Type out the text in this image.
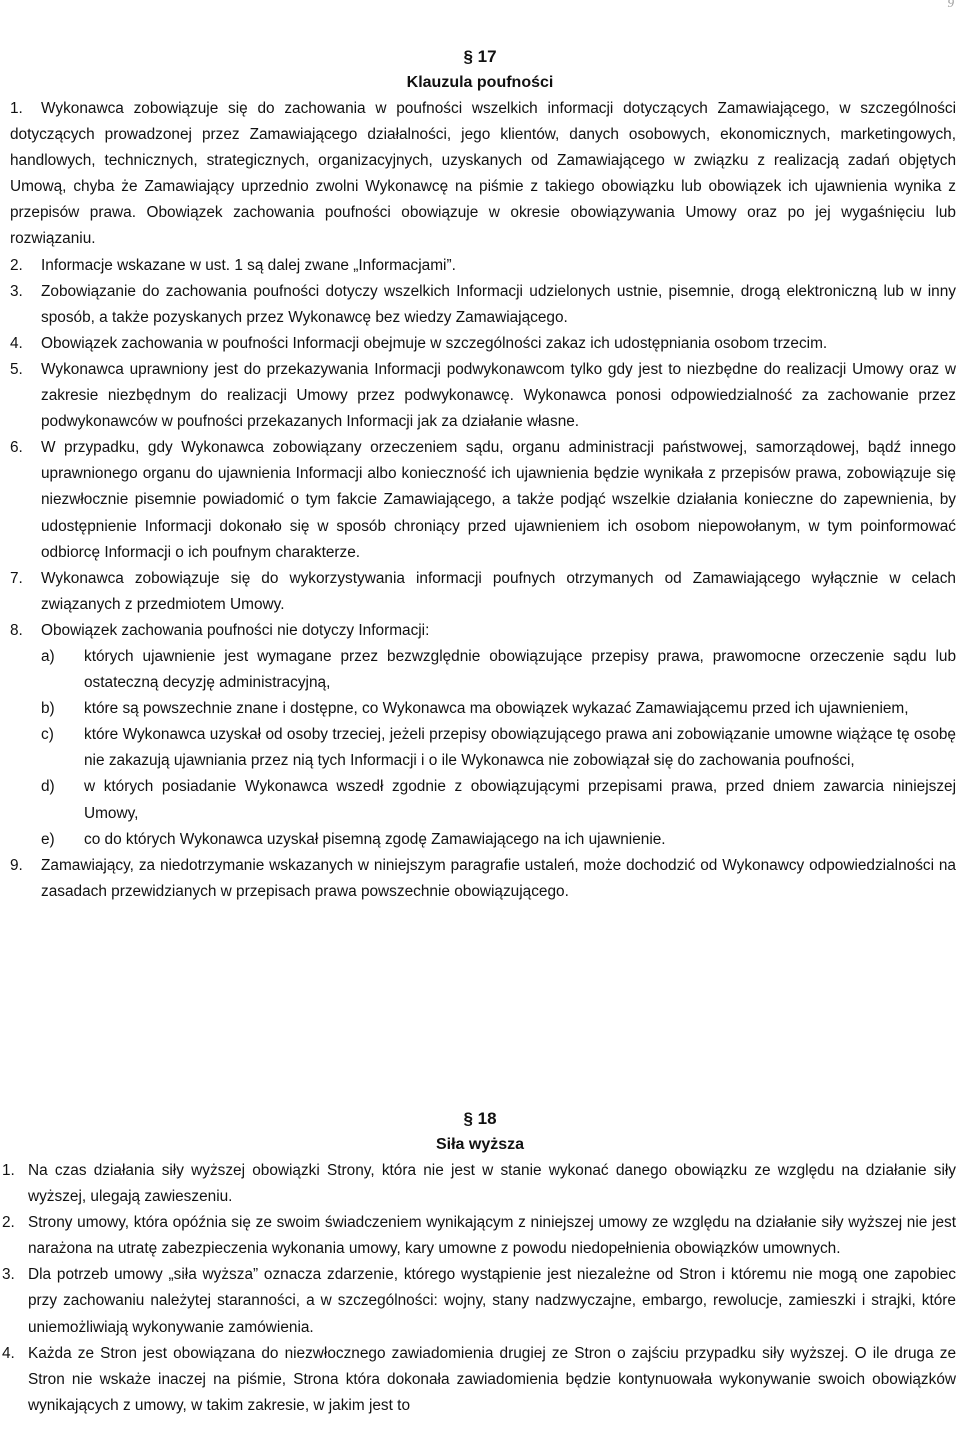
9
§ 17
Klauzula poufności
1.	Wykonawca zobowiązuje się do zachowania w poufności wszelkich informacji dotyczących Zamawiającego, w szczególności dotyczących prowadzonej przez Zamawiającego działalności, jego klientów, danych osobowych, ekonomicznych, marketingowych, handlowych, technicznych, strategicznych, organizacyjnych, uzyskanych od Zamawiającego w związku z realizacją zadań objętych Umową, chyba że Zamawiający uprzednio zwolni Wykonawcę na piśmie z takiego obowiązku lub obowiązek ich ujawnienia wynika z przepisów prawa. Obowiązek zachowania poufności obowiązuje w okresie obowiązywania Umowy oraz po jej wygaśnięciu lub rozwiązaniu.
2. Informacje wskazane w ust. 1 są dalej zwane „Informacjami”.
3. Zobowiązanie do zachowania poufności dotyczy wszelkich Informacji udzielonych ustnie, pisemnie, drogą elektroniczną lub w inny sposób, a także pozyskanych przez Wykonawcę bez wiedzy Zamawiającego.
4. Obowiązek zachowania w poufności Informacji obejmuje w szczególności zakaz ich udostępniania osobom trzecim.
5. Wykonawca uprawniony jest do przekazywania Informacji podwykonawcom tylko gdy jest to niezbędne do realizacji Umowy oraz w zakresie niezbędnym do realizacji Umowy przez podwykonawcę. Wykonawca ponosi odpowiedzialność za zachowanie przez podwykonawców w poufności przekazanych Informacji jak za działanie własne.
6. W przypadku, gdy Wykonawca zobowiązany orzeczeniem sądu, organu administracji państwowej, samorządowej, bądź innego uprawnionego organu do ujawnienia Informacji albo konieczność ich ujawnienia będzie wynikała z przepisów prawa, zobowiązuje się niezwłocznie pisemnie powiadomić o tym fakcie Zamawiającego, a także podjąć wszelkie działania konieczne do zapewnienia, by udostępnienie Informacji dokonało się w sposób chroniący przed ujawnieniem ich osobom niepowołanym, w tym poinformować odbiorcę Informacji o ich poufnym charakterze.
7. Wykonawca zobowiązuje się do wykorzystywania informacji poufnych otrzymanych od Zamawiającego wyłącznie w celach związanych z przedmiotem Umowy.
8. Obowiązek zachowania poufności nie dotyczy Informacji:
a) których ujawnienie jest wymagane przez bezwzględnie obowiązujące przepisy prawa, prawomocne orzeczenie sądu lub ostateczną decyzję administracyjną,
b) które są powszechnie znane i dostępne, co Wykonawca ma obowiązek wykazać Zamawiającemu przed ich ujawnieniem,
c) które Wykonawca uzyskał od osoby trzeciej, jeżeli przepisy obowiązującego prawa ani zobowiązanie umowne wiążące tę osobę nie zakazują ujawniania przez nią tych Informacji i o ile Wykonawca nie zobowiązał się do zachowania poufności,
d) w których posiadanie Wykonawca wszedł zgodnie z obowiązującymi przepisami prawa, przed dniem zawarcia niniejszej Umowy,
e) co do których Wykonawca uzyskał pisemną zgodę Zamawiającego na ich ujawnienie.
9. Zamawiający, za niedotrzymanie wskazanych w niniejszym paragrafie ustaleń, może dochodzić od Wykonawcy odpowiedzialności na zasadach przewidzianych w przepisach prawa powszechnie obowiązującego.
§ 18
Siła wyższa
1. Na czas działania siły wyższej obowiązki Strony, która nie jest w stanie wykonać danego obowiązku ze względu na działanie siły wyższej, ulegają zawieszeniu.
2. Strony umowy, która opóźnia się ze swoim świadczeniem wynikającym z niniejszej umowy ze względu na działanie siły wyższej nie jest narażona na utratę zabezpieczenia wykonania umowy, kary umowne z powodu niedopełnienia obowiązków umownych.
3. Dla potrzeb umowy „siła wyższa” oznacza zdarzenie, którego wystąpienie jest niezależne od Stron i któremu nie mogą one zapobiec przy zachowaniu należytej staranności, a w szczególności: wojny, stany nadzwyczajne, embargo, rewolucje, zamieszki i strajki, które uniemożliwiają wykonywanie zamówienia.
4. Każda ze Stron jest obowiązana do niezwłocznego zawiadomienia drugiej ze Stron o zajściu przypadku siły wyższej. O ile druga ze Stron nie wskaże inaczej na piśmie, Strona która dokonała zawiadomienia będzie kontynuowała wykonywanie swoich obowiązków wynikających z umowy, w takim zakresie, w jakim jest to
